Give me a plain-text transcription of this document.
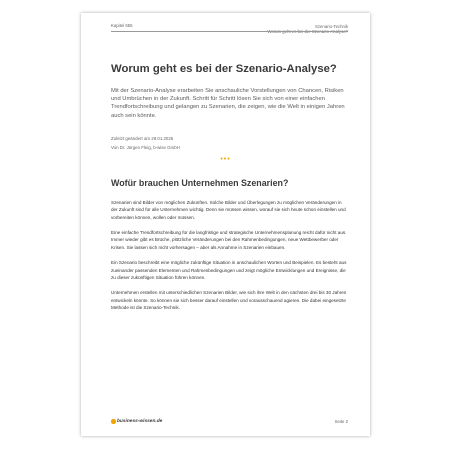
Kapitel 655	Szenario-Technik
Worum geht es bei der Szenario-Analyse?
Worum geht es bei der Szenario-Analyse?
Mit der Szenario-Analyse erarbeiten Sie anschauliche Vorstellungen von Chancen, Risiken und Umbrüchen in der Zukunft. Schritt für Schritt lösen Sie sich von einer einfachen Trendfortschreibung und gelangen zu Szenarien, die zeigen, wie die Welt in einigen Jahren auch sein könnte.
Zuletzt geändert am 28.01.2025
Von Dr. Jürgen Fleig, b-wise GmbH
•••
Wofür brauchen Unternehmen Szenarien?

Szenarien sind Bilder von möglichen Zukünften. Solche Bilder und Überlegungen zu möglichen Veränderungen in der Zukunft sind für alle Unternehmen wichtig. Denn sie müssen wissen, worauf sie sich heute schon einstellen und vorbereiten können, wollen oder müssen.

Eine einfache Trendfortschreibung für die langfristige und strategische Unternehmensplanung reicht dafür nicht aus. Immer wieder gibt es Brüche, plötzliche Veränderungen bei den Rahmenbedingungen, neue Wettbewerber oder Krisen. Sie lassen sich nicht vorhersagen – aber als Annahme in Szenarien einbauen.

Ein Szenario beschreibt eine mögliche zukünftige Situation in anschaulichen Worten und Beispielen. Es besteht aus zueinander passenden Elementen und Rahmenbedingungen und zeigt mögliche Entwicklungen und Ereignisse, die zu dieser zukünftigen Situation führen können.

Unternehmen erstellen mit unterschiedlichen Szenarien Bilder, wie sich ihre Welt in den nächsten drei bis 30 Jahren entwickeln könnte. So können sie sich besser darauf einstellen und vorausschauend agieren. Die dabei eingesetzte Methode ist die Szenario-Technik.

business-wissen.de	Seite 2
